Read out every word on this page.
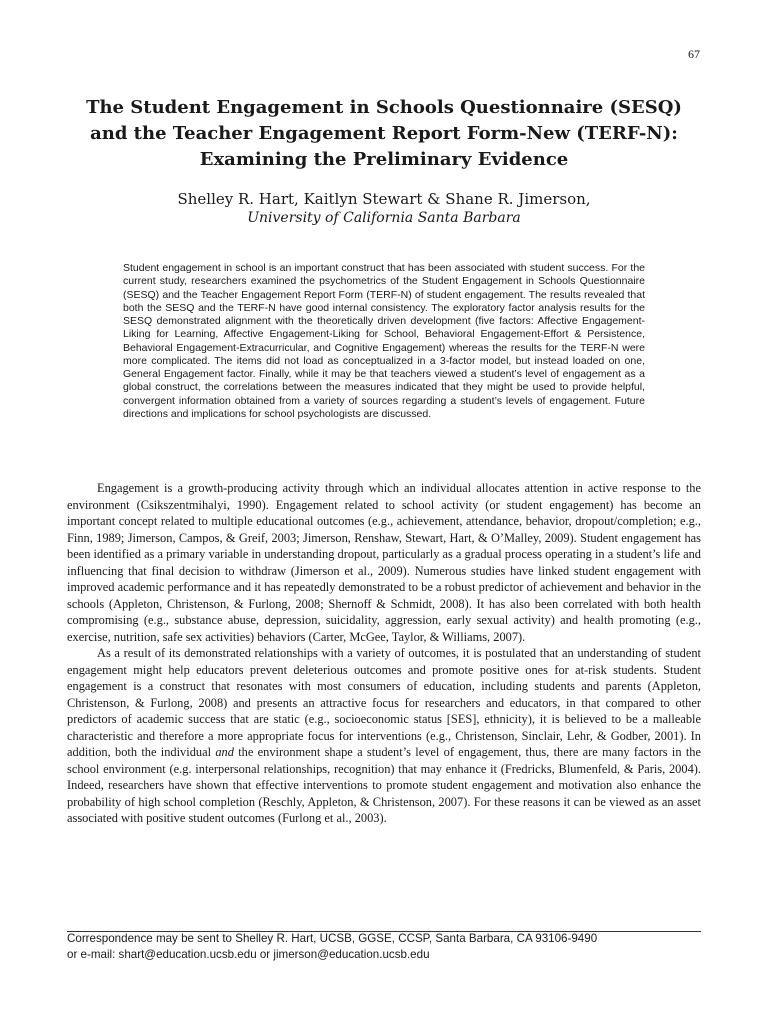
67
The Student Engagement in Schools Questionnaire (SESQ)
and the Teacher Engagement Report Form-New (TERF-N):
Examining the Preliminary Evidence
Shelley R. Hart, Kaitlyn Stewart & Shane R. Jimerson,
University of California Santa Barbara

Student engagement in school is an important construct that has been associated with student success. For the current study, researchers examined the psychometrics of the Student Engagement in Schools Questionnaire (SESQ) and the Teacher Engagement Report Form (TERF-N) of student engagement. The results revealed that both the SESQ and the TERF-N have good internal consistency. The exploratory factor analysis results for the SESQ demonstrated alignment with the theoretically driven development (five factors: Affective Engagement-Liking for Learning, Affective Engagement-Liking for School, Behavioral Engagement-Effort & Persistence, Behavioral Engagement-Extracurricular, and Cognitive Engagement) whereas the results for the TERF-N were more complicated. The items did not load as conceptualized in a 3-factor model, but instead loaded on one, General Engagement factor. Finally, while it may be that teachers viewed a student’s level of engagement as a global construct, the correlations between the measures indicated that they might be used to provide helpful, convergent information obtained from a variety of sources regarding a student’s levels of engagement. Future directions and implications for school psychologists are discussed.

Engagement is a growth-producing activity through which an individual allocates attention in active response to the environment (Csikszentmihalyi, 1990). Engagement related to school activity (or student engagement) has become an important concept related to multiple educational outcomes (e.g., achievement, attendance, behavior, dropout/completion; e.g., Finn, 1989; Jimerson, Campos, & Greif, 2003; Jimerson, Renshaw, Stewart, Hart, & O’Malley, 2009). Student engagement has been identified as a primary variable in understanding dropout, particularly as a gradual process operating in a student’s life and influencing that final decision to withdraw (Jimerson et al., 2009). Numerous studies have linked student engagement with improved academic performance and it has repeatedly demonstrated to be a robust predictor of achievement and behavior in the schools (Appleton, Christenson, & Furlong, 2008; Shernoff & Schmidt, 2008). It has also been correlated with both health compromising (e.g., substance abuse, depression, suicidality, aggression, early sexual activity) and health promoting (e.g., exercise, nutrition, safe sex activities) behaviors (Carter, McGee, Taylor, & Williams, 2007).

As a result of its demonstrated relationships with a variety of outcomes, it is postulated that an understanding of student engagement might help educators prevent deleterious outcomes and promote positive ones for at-risk students. Student engagement is a construct that resonates with most consumers of education, including students and parents (Appleton, Christenson, & Furlong, 2008) and presents an attractive focus for researchers and educators, in that compared to other predictors of academic success that are static (e.g., socioeconomic status [SES], ethnicity), it is believed to be a malleable characteristic and therefore a more appropriate focus for interventions (e.g., Christenson, Sinclair, Lehr, & Godber, 2001). In addition, both the individual and the environment shape a student’s level of engagement, thus, there are many factors in the school environment (e.g. interpersonal relationships, recognition) that may enhance it (Fredricks, Blumenfeld, & Paris, 2004). Indeed, researchers have shown that effective interventions to promote student engagement and motivation also enhance the probability of high school completion (Reschly, Appleton, & Christenson, 2007). For these reasons it can be viewed as an asset associated with positive student outcomes (Furlong et al., 2003).

Correspondence may be sent to Shelley R. Hart, UCSB, GGSE, CCSP, Santa Barbara, CA 93106-9490
or e-mail: shart@education.ucsb.edu or jimerson@education.ucsb.edu
